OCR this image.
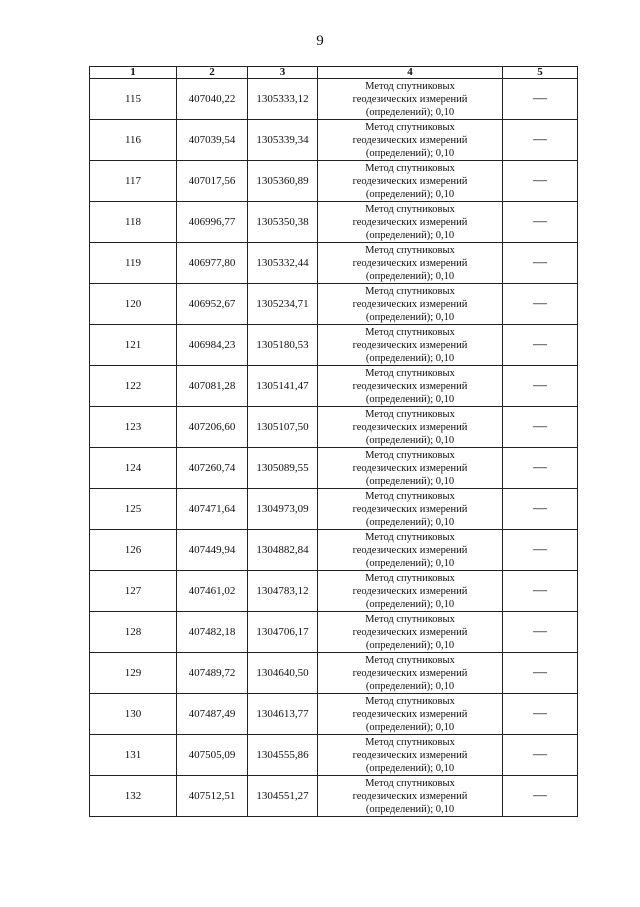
9
1	2	3	4	5
115	407040,22	1305333,12	Метод спутниковых
геодезических измерений
(определений); 0,10	—
116	407039,54	1305339,34	Метод спутниковых
геодезических измерений
(определений); 0,10	—
117	407017,56	1305360,89	Метод спутниковых
геодезических измерений
(определений); 0,10	—
118	406996,77	1305350,38	Метод спутниковых
геодезических измерений
(определений); 0,10	—
119	406977,80	1305332,44	Метод спутниковых
геодезических измерений
(определений); 0,10	—
120	406952,67	1305234,71	Метод спутниковых
геодезических измерений
(определений); 0,10	—
121	406984,23	1305180,53	Метод спутниковых
геодезических измерений
(определений); 0,10	—
122	407081,28	1305141,47	Метод спутниковых
геодезических измерений
(определений); 0,10	—
123	407206,60	1305107,50	Метод спутниковых
геодезических измерений
(определений); 0,10	—
124	407260,74	1305089,55	Метод спутниковых
геодезических измерений
(определений); 0,10	—
125	407471,64	1304973,09	Метод спутниковых
геодезических измерений
(определений); 0,10	—
126	407449,94	1304882,84	Метод спутниковых
геодезических измерений
(определений); 0,10	—
127	407461,02	1304783,12	Метод спутниковых
геодезических измерений
(определений); 0,10	—
128	407482,18	1304706,17	Метод спутниковых
геодезических измерений
(определений); 0,10	—
129	407489,72	1304640,50	Метод спутниковых
геодезических измерений
(определений); 0,10	—
130	407487,49	1304613,77	Метод спутниковых
геодезических измерений
(определений); 0,10	—
131	407505,09	1304555,86	Метод спутниковых
геодезических измерений
(определений); 0,10	—
132	407512,51	1304551,27	Метод спутниковых
геодезических измерений
(определений); 0,10	—
